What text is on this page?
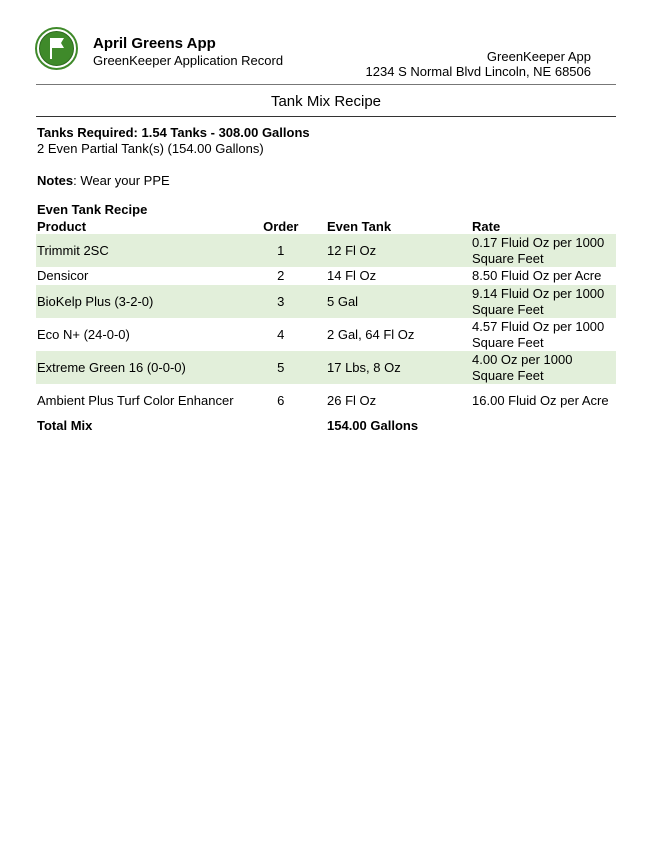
April Greens App
GreenKeeper Application Record	GreenKeeper App
1234 S Normal Blvd Lincoln, NE 68506
Tank Mix Recipe
Tanks Required: 1.54 Tanks - 308.00 Gallons
2 Even Partial Tank(s) (154.00 Gallons)
Notes: Wear your PPE
Even Tank Recipe
Product	Order	Even Tank	Rate
Trimmit 2SC	1	12 Fl Oz	0.17 Fluid Oz per 1000 Square Feet
Densicor	2	14 Fl Oz	8.50 Fluid Oz per Acre
BioKelp Plus (3-2-0)	3	5 Gal	9.14 Fluid Oz per 1000 Square Feet
Eco N+ (24-0-0)	4	2 Gal, 64 Fl Oz	4.57 Fluid Oz per 1000 Square Feet
Extreme Green 16 (0-0-0)	5	17 Lbs, 8 Oz	4.00 Oz per 1000 Square Feet
Ambient Plus Turf Color Enhancer	6	26 Fl Oz	16.00 Fluid Oz per Acre
Total Mix		154.00 Gallons	
